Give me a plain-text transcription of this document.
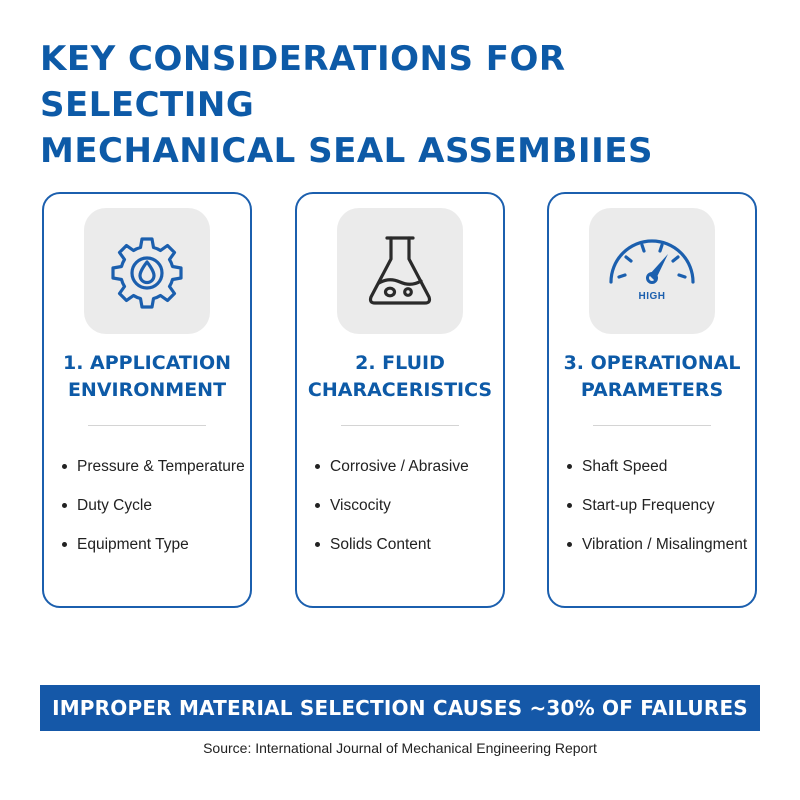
KEY CONSIDERATIONS FOR SELECTING
MECHANICAL SEAL ASSEMBIIES
1. APPLICATION
ENVIRONMENT
Pressure & Temperature
Duty Cycle
Equipment Type
2. FLUID
CHARACERISTICS
Corrosive / Abrasive
Viscocity
Solids Content
HIGH
3. OPERATIONAL
PARAMETERS
Shaft Speed
Start-up Frequency
Vibration / Misalingment
IMPROPER MATERIAL SELECTION CAUSES ~30% OF FAILURES
Source: International Journal of Mechanical Engineering Report
